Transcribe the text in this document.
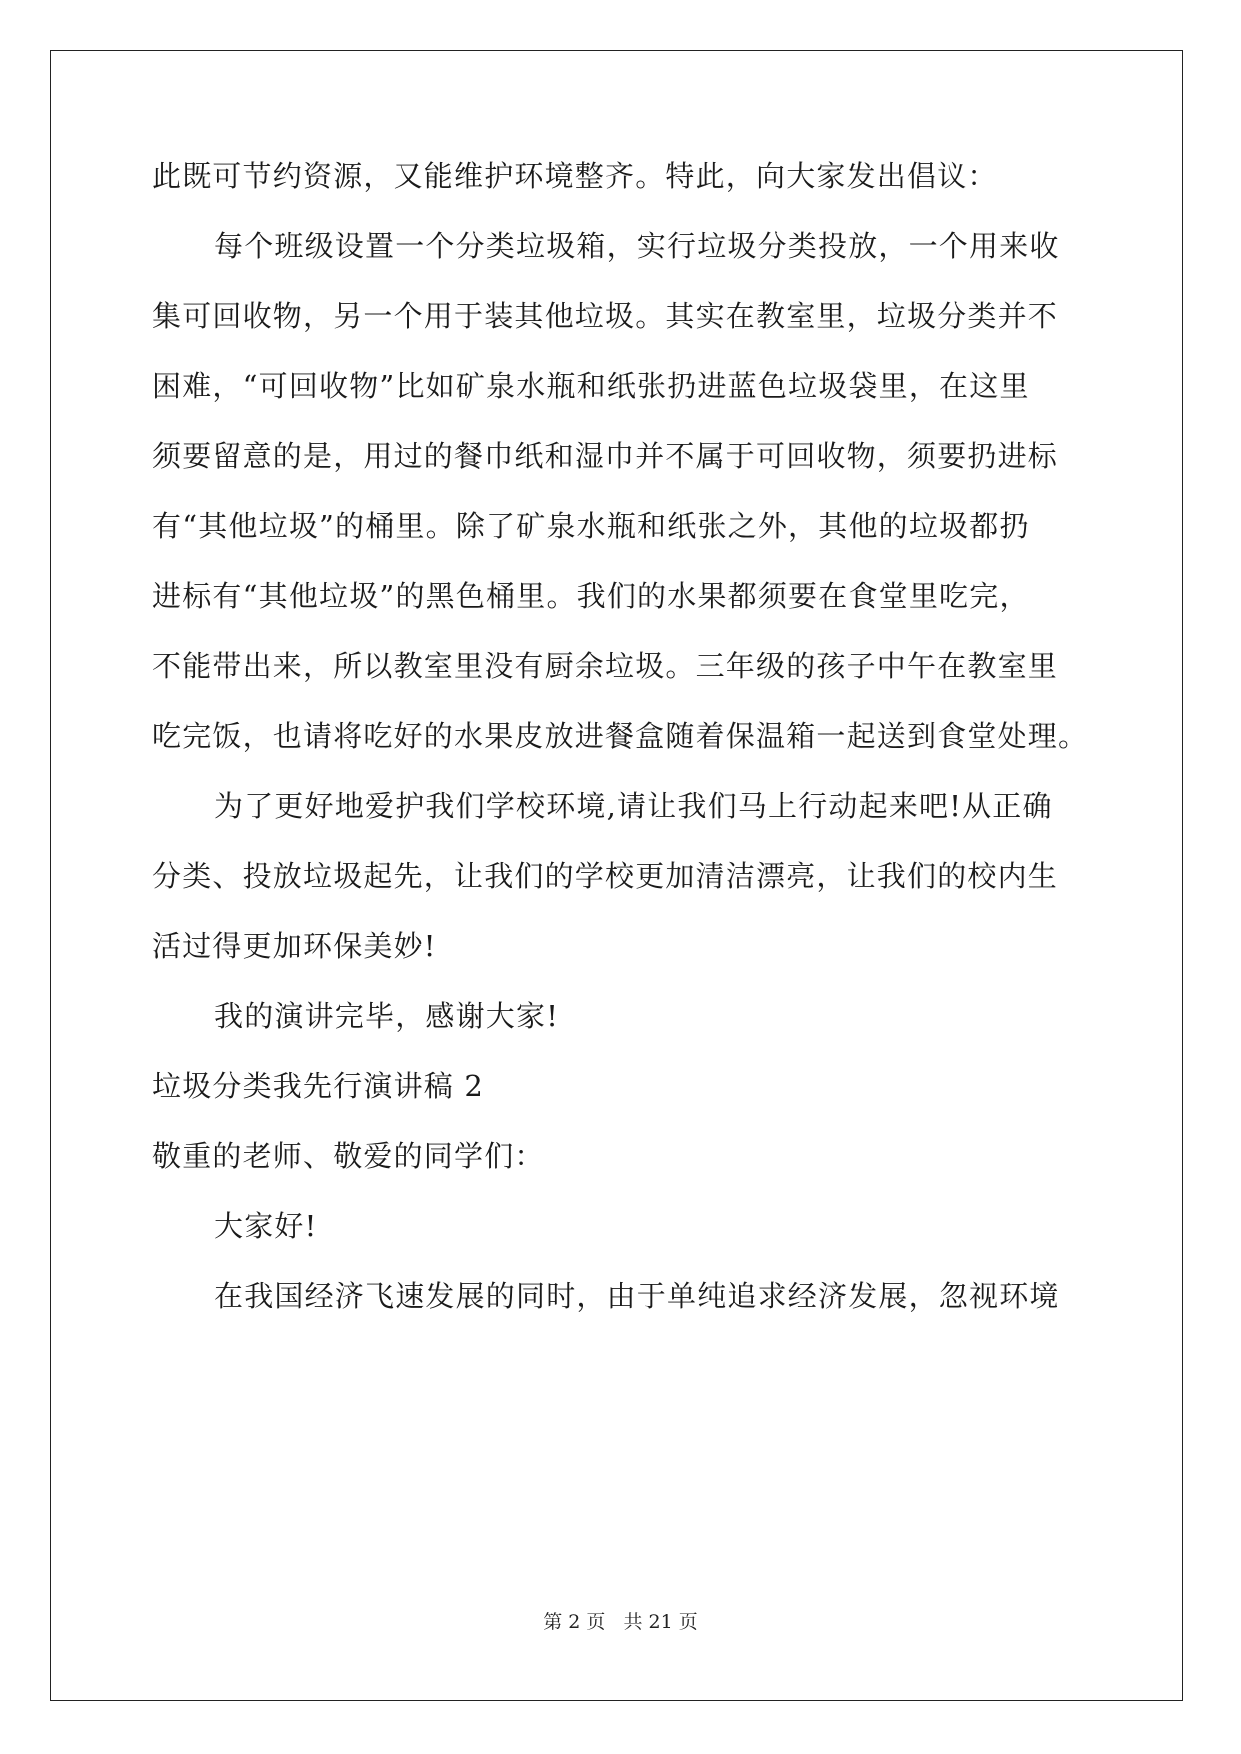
此既可节约资源，又能维护环境整齐。特此，向大家发出倡议：
每个班级设置一个分类垃圾箱，实行垃圾分类投放，一个用来收
集可回收物，另一个用于装其他垃圾。其实在教室里，垃圾分类并不
困难，“可回收物”比如矿泉水瓶和纸张扔进蓝色垃圾袋里，在这里
须要留意的是，用过的餐巾纸和湿巾并不属于可回收物，须要扔进标
有“其他垃圾”的桶里。除了矿泉水瓶和纸张之外，其他的垃圾都扔
进标有“其他垃圾”的黑色桶里。我们的水果都须要在食堂里吃完，
不能带出来，所以教室里没有厨余垃圾。三年级的孩子中午在教室里
吃完饭，也请将吃好的水果皮放进餐盒随着保温箱一起送到食堂处理。
为了更好地爱护我们学校环境,请让我们马上行动起来吧!从正确
分类、投放垃圾起先，让我们的学校更加清洁漂亮，让我们的校内生
活过得更加环保美妙!
我的演讲完毕，感谢大家!
垃圾分类我先行演讲稿 2
敬重的老师、敬爱的同学们：
大家好!
在我国经济飞速发展的同时，由于单纯追求经济发展，忽视环境
第 2 页 共 21 页
